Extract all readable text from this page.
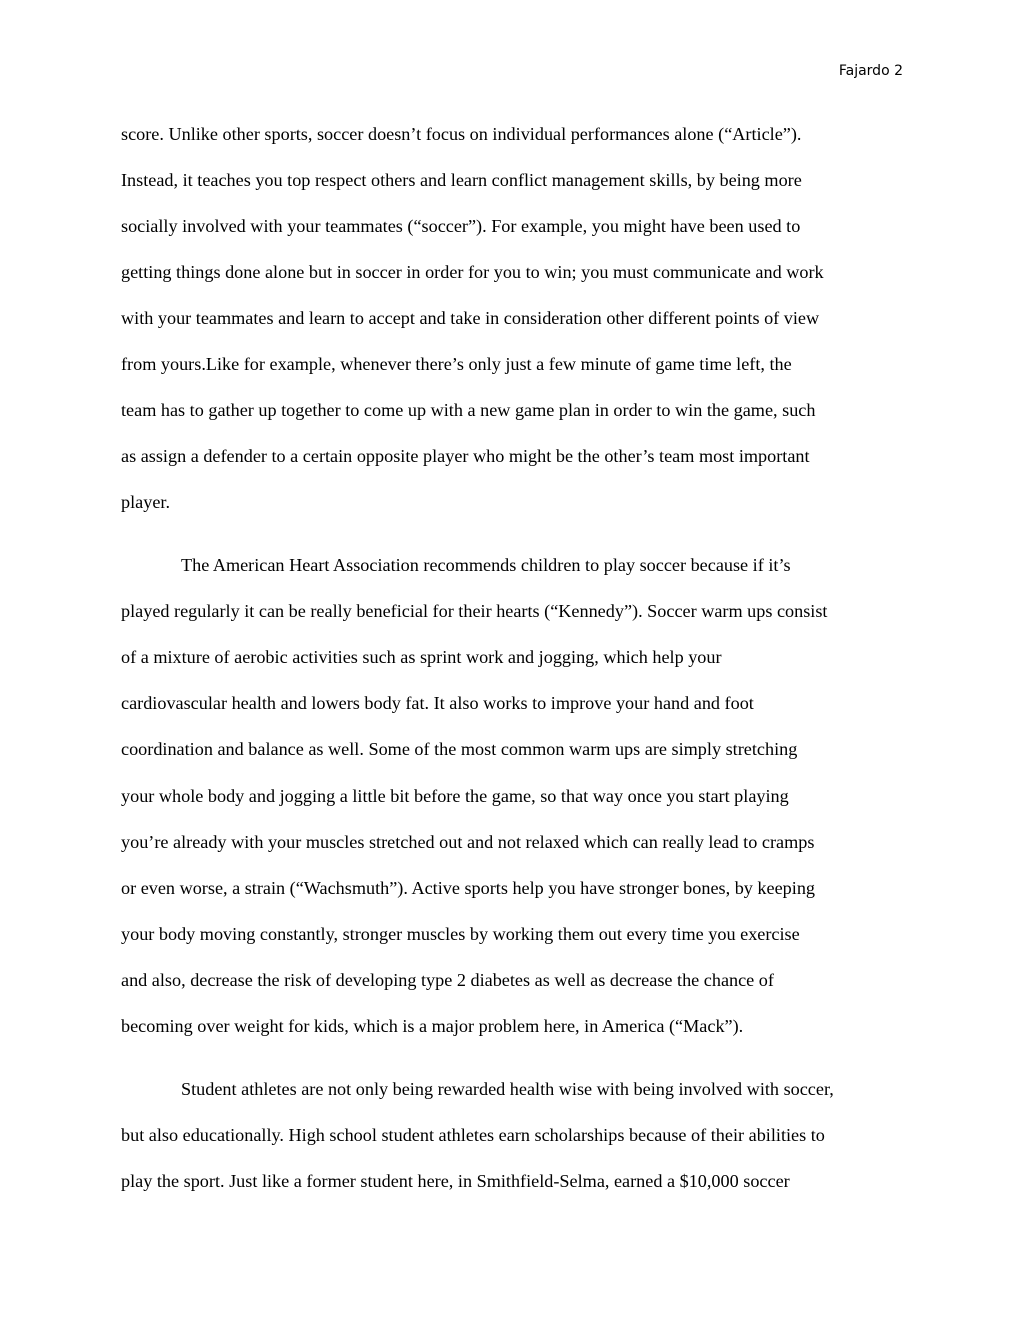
Fajardo 2
score. Unlike other sports, soccer doesn’t focus on individual performances alone (“Article”).
Instead, it teaches you top respect others and learn conflict management skills, by being more
socially involved with your teammates (“soccer”). For example, you might have been used to
getting things done alone but in soccer in order for you to win; you must communicate and work
with your teammates and learn to accept and take in consideration other different points of view
from yours.Like for example, whenever there’s only just a few minute of game time left, the
team has to gather up together to come up with a new game plan in order to win the game, such
as assign a defender to a certain opposite player who might be the other’s team most important
player.
The American Heart Association recommends children to play soccer because if it’s
played regularly it can be really beneficial for their hearts (“Kennedy”). Soccer warm ups consist
of a mixture of aerobic activities such as sprint work and jogging, which help your
cardiovascular health and lowers body fat. It also works to improve your hand and foot
coordination and balance as well. Some of the most common warm ups are simply stretching
your whole body and jogging a little bit before the game, so that way once you start playing
you’re already with your muscles stretched out and not relaxed which can really lead to cramps
or even worse, a strain (“Wachsmuth”). Active sports help you have stronger bones, by keeping
your body moving constantly, stronger muscles by working them out every time you exercise
and also, decrease the risk of developing type 2 diabetes as well as decrease the chance of
becoming over weight for kids, which is a major problem here, in America (“Mack”).
Student athletes are not only being rewarded health wise with being involved with soccer,
but also educationally. High school student athletes earn scholarships because of their abilities to
play the sport. Just like a former student here, in Smithfield-Selma, earned a $10,000 soccer
